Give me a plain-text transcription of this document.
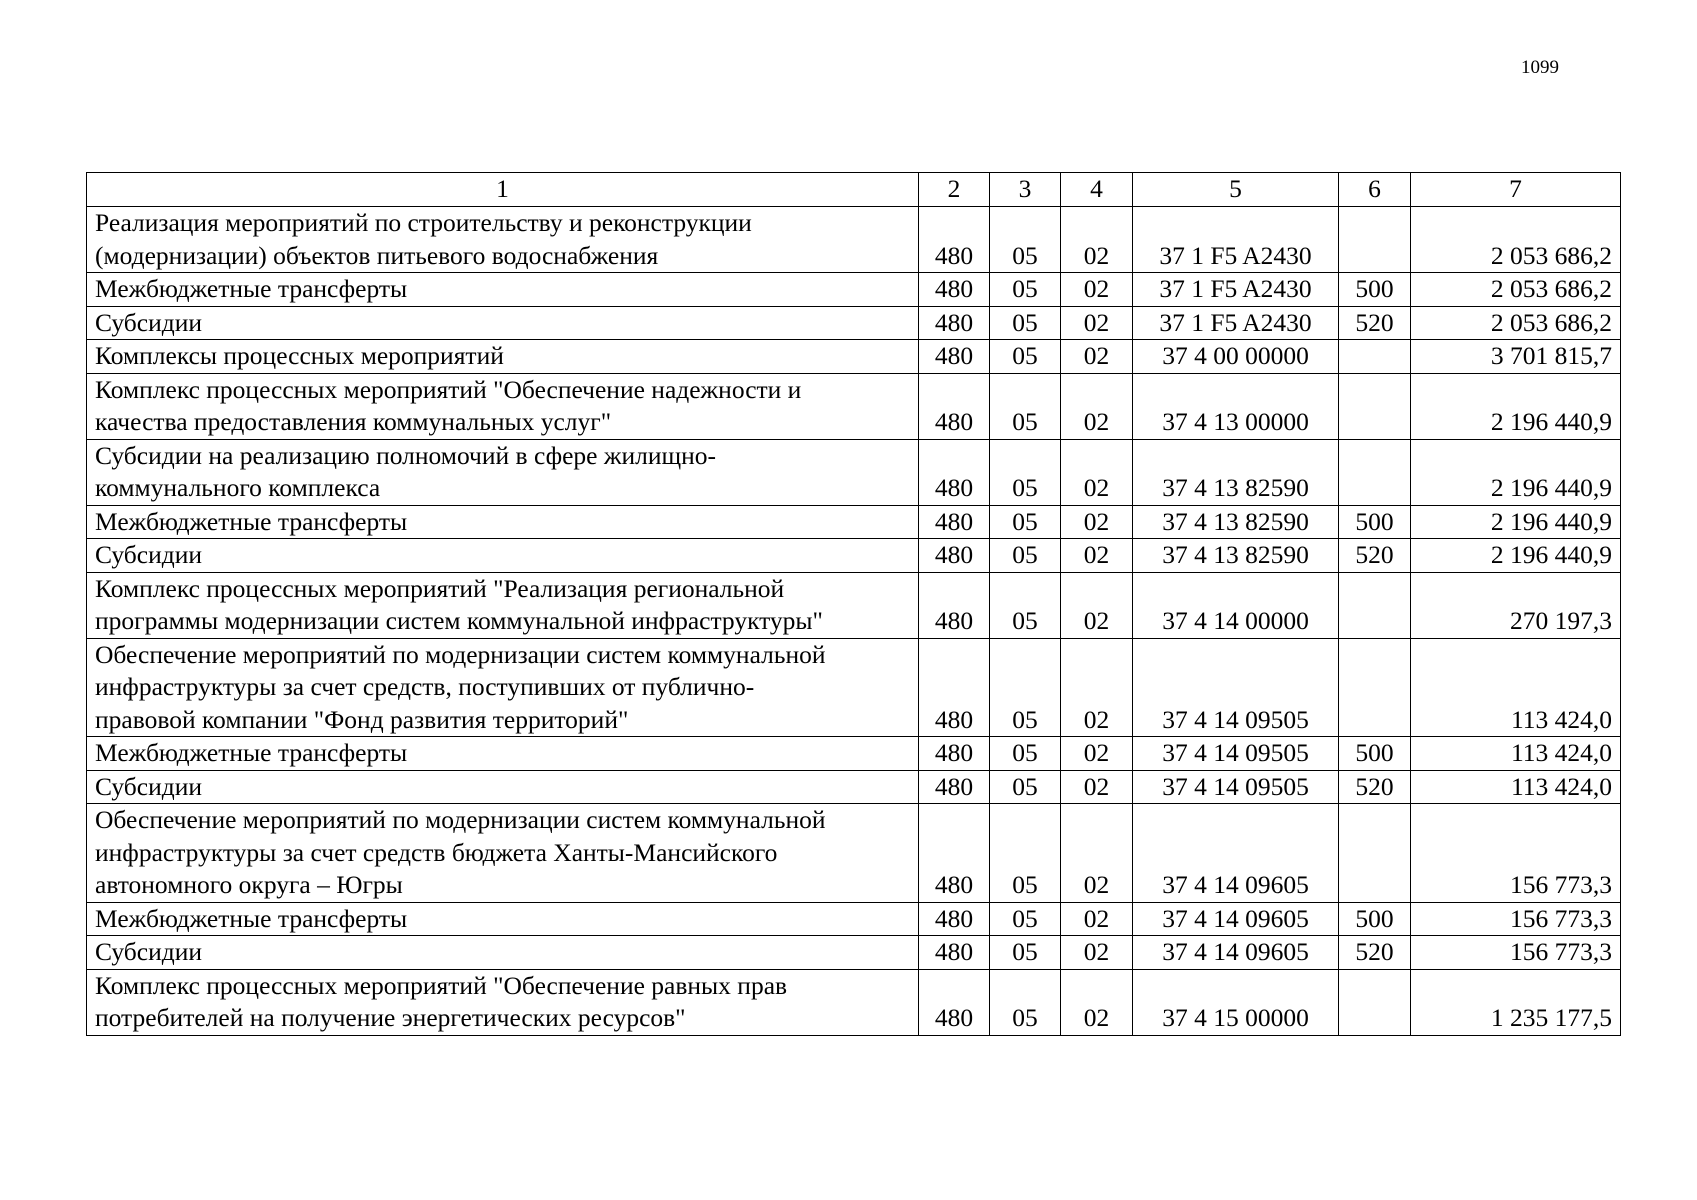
1099
1	2	3	4	5	6	7
Реализация мероприятий по строительству и реконструкции
(модернизации) объектов питьевого водоснабжения	480	05	02	37 1 F5 A2430		2 053 686,2
Межбюджетные трансферты	480	05	02	37 1 F5 A2430	500	2 053 686,2
Субсидии	480	05	02	37 1 F5 A2430	520	2 053 686,2
Комплексы процессных мероприятий	480	05	02	37 4 00 00000		3 701 815,7
Комплекс процессных мероприятий "Обеспечение надежности и
качества предоставления коммунальных услуг"	480	05	02	37 4 13 00000		2 196 440,9
Субсидии на реализацию полномочий в сфере жилищно-
коммунального комплекса	480	05	02	37 4 13 82590		2 196 440,9
Межбюджетные трансферты	480	05	02	37 4 13 82590	500	2 196 440,9
Субсидии	480	05	02	37 4 13 82590	520	2 196 440,9
Комплекс процессных мероприятий "Реализация региональной
программы модернизации систем коммунальной инфраструктуры"	480	05	02	37 4 14 00000		270 197,3
Обеспечение мероприятий по модернизации систем коммунальной
инфраструктуры за счет средств, поступивших от публично-
правовой компании "Фонд развития территорий"	480	05	02	37 4 14 09505		113 424,0
Межбюджетные трансферты	480	05	02	37 4 14 09505	500	113 424,0
Субсидии	480	05	02	37 4 14 09505	520	113 424,0
Обеспечение мероприятий по модернизации систем коммунальной
инфраструктуры за счет средств бюджета Ханты-Мансийского
автономного округа – Югры	480	05	02	37 4 14 09605		156 773,3
Межбюджетные трансферты	480	05	02	37 4 14 09605	500	156 773,3
Субсидии	480	05	02	37 4 14 09605	520	156 773,3
Комплекс процессных мероприятий "Обеспечение равных прав
потребителей на получение энергетических ресурсов"	480	05	02	37 4 15 00000		1 235 177,5
